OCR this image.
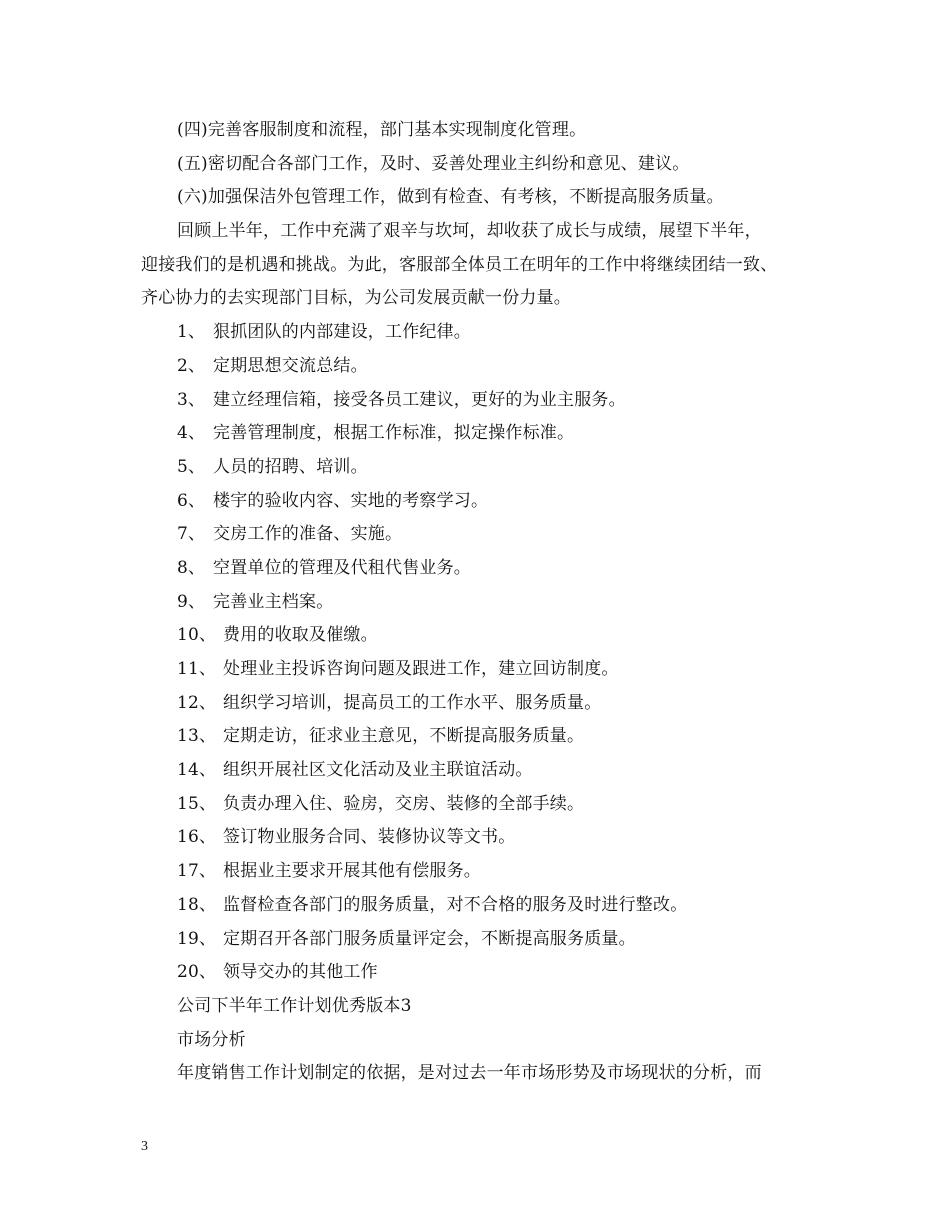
(四)完善客服制度和流程，部门基本实现制度化管理。
(五)密切配合各部门工作，及时、妥善处理业主纠纷和意见、建议。
(六)加强保洁外包管理工作，做到有检查、有考核，不断提高服务质量。
回顾上半年，工作中充满了艰辛与坎坷，却收获了成长与成绩，展望下半年，
迎接我们的是机遇和挑战。为此，客服部全体员工在明年的工作中将继续团结一致、
齐心协力的去实现部门目标，为公司发展贡献一份力量。
1、 狠抓团队的内部建设，工作纪律。
2、 定期思想交流总结。
3、 建立经理信箱，接受各员工建议，更好的为业主服务。
4、 完善管理制度，根据工作标准，拟定操作标准。
5、 人员的招聘、培训。
6、 楼宇的验收内容、实地的考察学习。
7、 交房工作的准备、实施。
8、 空置单位的管理及代租代售业务。
9、 完善业主档案。
10、 费用的收取及催缴。
11、 处理业主投诉咨询问题及跟进工作，建立回访制度。
12、 组织学习培训，提高员工的工作水平、服务质量。
13、 定期走访，征求业主意见，不断提高服务质量。
14、 组织开展社区文化活动及业主联谊活动。
15、 负责办理入住、验房，交房、装修的全部手续。
16、 签订物业服务合同、装修协议等文书。
17、 根据业主要求开展其他有偿服务。
18、 监督检查各部门的服务质量，对不合格的服务及时进行整改。
19、 定期召开各部门服务质量评定会，不断提高服务质量。
20、 领导交办的其他工作
公司下半年工作计划优秀版本3
市场分析
年度销售工作计划制定的依据，是对过去一年市场形势及市场现状的分析，而
3
